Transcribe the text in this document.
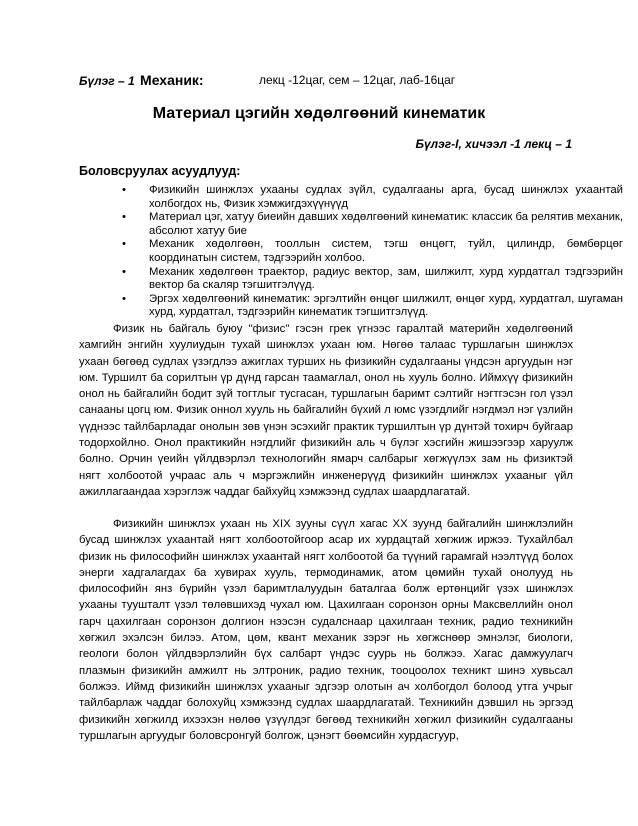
Бүлэг – 1 Механик:	лекц -12цаг, сем – 12цаг, лаб-16цаг
Материал цэгийн хөдөлгөөний кинематик
Бүлэг-I, хичээл -1 лекц – 1
Боловсруулах асуудлууд:
• Физикийн шинжлэх ухааны судлах зүйл, судалгааны арга, бусад шинжлэх ухаантай холбогдох нь, Физик хэмжигдэхүүнүүд
• Материал цэг, хатуу биеийн давших хөдөлгөөний кинематик: классик ба релятив механик, абсолют хатуу бие
• Механик хөдөлгөөн, тооллын систем, тэгш өнцөгт, туйл, цилиндр, бөмбөрцөг координатын систем, тэдгээрийн холбоо.
• Механик хөдөлгөөн траектор, радиус вектор, зам, шилжилт, хурд хурдатгал тэдгээрийн вектор ба скаляр тэгшитгэлүүд.
• Эргэх хөдөлгөөний кинематик: эргэлтийн өнцөг шилжилт, өнцөг хурд, хурдатгал, шугаман хурд, хурдатгал, тэдгээрийн кинематик тэгшитгэлүүд.

Физик нь байгаль буюу "физис" гэсэн грек үгнээс гаралтай материйн хөдөлгөөний хамгийн энгийн хуулиудын тухай шинжлэх ухаан юм. Нөгөө талаас туршлагын шинжлэх ухаан бөгөөд судлах үзэгдлээ ажиглах турших нь физикийн судалгааны үндсэн аргуудын нэг юм. Туршилт ба сорилтын үр дүнд гарсан таамаглал, онол нь хууль болно. Иймхүү физикийн онол нь байгалийн бодит зүй тогтлыг тусгасан, туршлагын баримт сэлтийг нэгтгэсэн гол үзэл санааны цогц юм. Физик оннол хууль нь байгалийн бүхий л юмс үзэгдлийг нэгдмэл нэг үзлийн үүднээс тайлбарладаг онолын зөв үнэн эсэхийг практик туршилтын үр дүнтэй тохирч буйгаар тодорхойлно. Онол практикийн нэгдлийг физикийн аль ч бүлэг хэсгийн жишээгээр харуулж болно. Орчин үеийн үйлдвэрлэл технологийн ямарч салбарыг хөгжүүлэх зам нь физиктэй нягт холбоотой учраас аль ч мэргэжлийн инженерүүд физикийн шинжлэх ухааныг үйл ажиллагаандаа хэрэглэж чаддаг байхуйц хэмжээнд судлах шаардлагатай.

Физикийн шинжлэх ухаан нь XIX зууны сүүл хагас XX зуунд байгалийн шинжлэлийн бусад шинжлэх ухаантай нягт холбоотойгоор асар их хурдацтай хөгжиж иржээ. Тухайлбал физик нь философийн шинжлэх ухаантай нягт холбоотой ба түүний гарамгай нээлтүүд болох энерги хадгалагдах ба хувирах хууль, термодинамик, атом цөмийн тухай онолууд нь философийн янз бүрийн үзэл баримтлалуудын баталгаа болж ертөнцийг үзэх шинжлэх ухааны туушталт үзэл төлөвшихэд чухал юм. Цахилгаан соронзон орны Максвеллийн онол гарч цахилгаан соронзон долгион нээсэн судалснаар цахилгаан техник, радио техникийн хөгжил эхэлсэн билээ. Атом, цөм, квант механик зэрэг нь хөгжснөөр эмнэлэг, биологи, геологи болон үйлдвэрлэлийн бүх салбарт үндэс суурь нь болжээ. Хагас дамжуулагч плазмын физикийн амжилт нь элтроник, радио техник, тооцоолох техникт шинэ хувьсал болжээ. Иймд физикийн шинжлэх ухааныг эдгээр олотын ач холбогдол болоод утга учрыг тайлбарлаж чаддаг болохуйц хэмжээнд судлах шаардлагатай. Техникийн дэвшил нь эргээд физикийн хөгжилд ихээхэн нөлөө үзүүлдэг бөгөөд техникийн хөгжил физикийн судалгааны туршлагын аргуудыг боловсронгуй болгож, цэнэгт бөөмсийн хурдасгуур,
